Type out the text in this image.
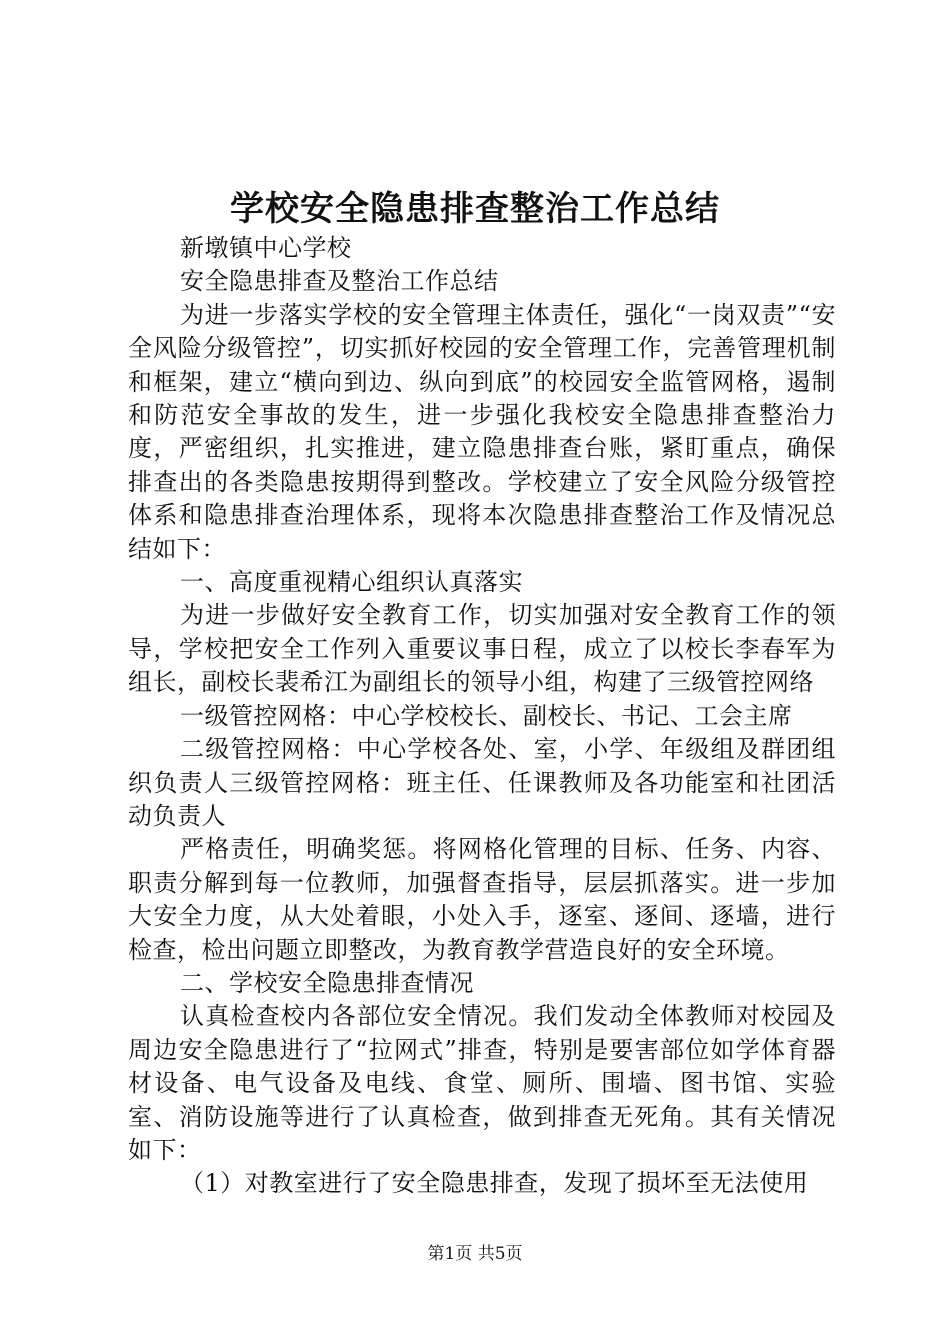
学校安全隐患排查整治工作总结

新墩镇中心学校

安全隐患排查及整治工作总结

为进一步落实学校的安全管理主体责任，强化“一岗双责”“安全风险分级管控”，切实抓好校园的安全管理工作，完善管理机制和框架，建立“横向到边、纵向到底”的校园安全监管网格，遏制和防范安全事故的发生，进一步强化我校安全隐患排查整治力度，严密组织，扎实推进，建立隐患排查台账，紧盯重点，确保排查出的各类隐患按期得到整改。学校建立了安全风险分级管控体系和隐患排查治理体系，现将本次隐患排查整治工作及情况总结如下：

一、高度重视精心组织认真落实

为进一步做好安全教育工作，切实加强对安全教育工作的领导，学校把安全工作列入重要议事日程，成立了以校长李春军为组长，副校长裴希江为副组长的领导小组，构建了三级管控网络

一级管控网格：中心学校校长、副校长、书记、工会主席

二级管控网格：中心学校各处、室，小学、年级组及群团组织负责人三级管控网格：班主任、任课教师及各功能室和社团活动负责人

严格责任，明确奖惩。将网格化管理的目标、任务、内容、职责分解到每一位教师，加强督查指导，层层抓落实。进一步加大安全力度，从大处着眼，小处入手，逐室、逐间、逐墙，进行检查，检出问题立即整改，为教育教学营造良好的安全环境。

二、学校安全隐患排查情况

认真检查校内各部位安全情况。我们发动全体教师对校园及周边安全隐患进行了“拉网式”排查，特别是要害部位如学体育器材设备、电气设备及电线、食堂、厕所、围墙、图书馆、实验室、消防设施等进行了认真检查，做到排查无死角。其有关情况如下：

（1）对教室进行了安全隐患排查，发现了损坏至无法使用

第1页 共5页
